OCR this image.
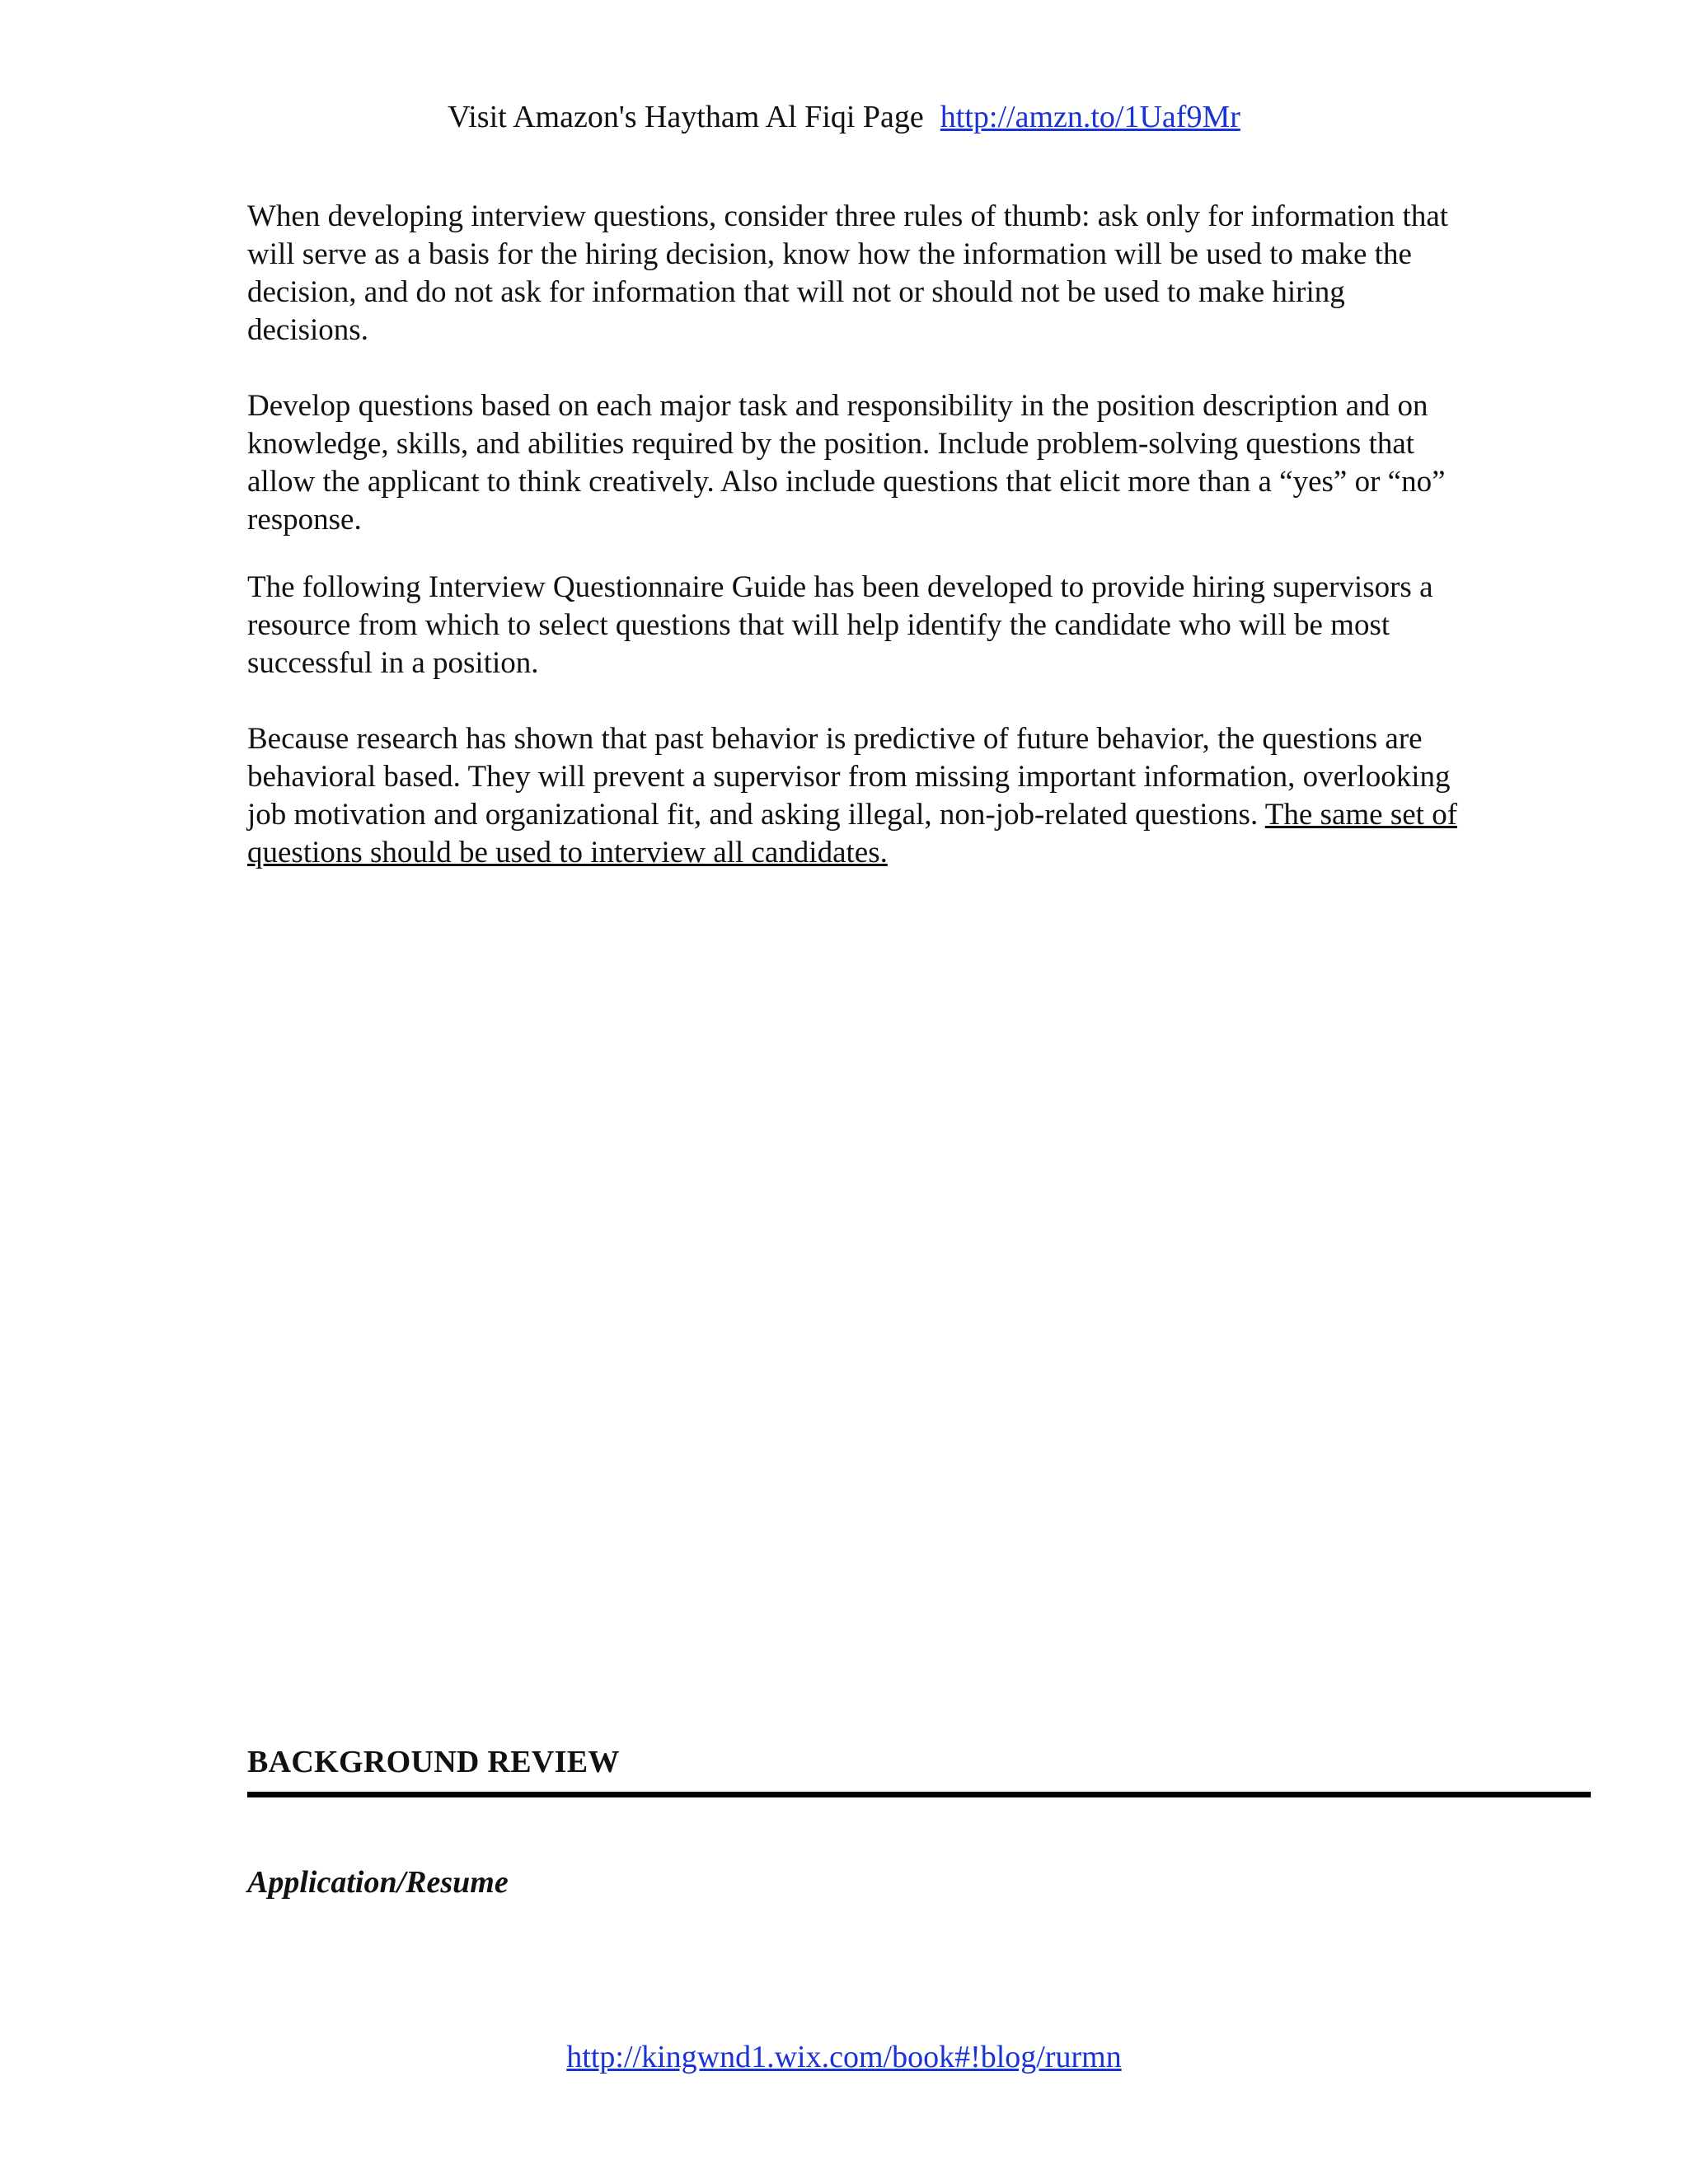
Visit Amazon's Haytham Al Fiqi Page http://amzn.to/1Uaf9Mr

When developing interview questions, consider three rules of thumb: ask only for information that will serve as a basis for the hiring decision, know how the information will be used to make the decision, and do not ask for information that will not or should not be used to make hiring decisions.

Develop questions based on each major task and responsibility in the position description and on knowledge, skills, and abilities required by the position. Include problem-solving questions that allow the applicant to think creatively. Also include questions that elicit more than a “yes” or “no” response.

The following Interview Questionnaire Guide has been developed to provide hiring supervisors a resource from which to select questions that will help identify the candidate who will be most successful in a position.

Because research has shown that past behavior is predictive of future behavior, the questions are behavioral based. They will prevent a supervisor from missing important information, overlooking job motivation and organizational fit, and asking illegal, non-job-related questions. The same set of questions should be used to interview all candidates.

BACKGROUND REVIEW
Application/Resume
http://kingwnd1.wix.com/book#!blog/rurmn
